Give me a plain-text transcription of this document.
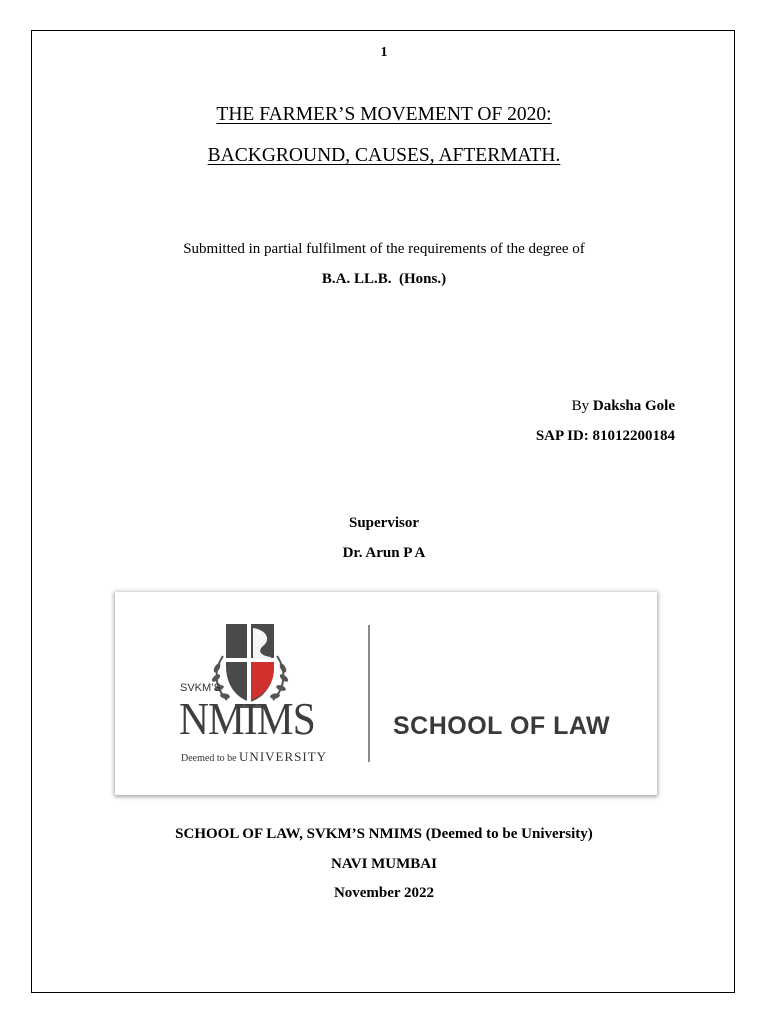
1
THE FARMER’S MOVEMENT OF 2020:
BACKGROUND, CAUSES, AFTERMATH.
Submitted in partial fulfilment of the requirements of the degree of
B.A. LL.B.  (Hons.)
By Daksha Gole
SAP ID: 81012200184
Supervisor
Dr. Arun P A
SVKM’S
NMIMS
Deemed to be UNIVERSITY
SCHOOL OF LAW
SCHOOL OF LAW, SVKM’S NMIMS (Deemed to be University)
NAVI MUMBAI
November 2022
